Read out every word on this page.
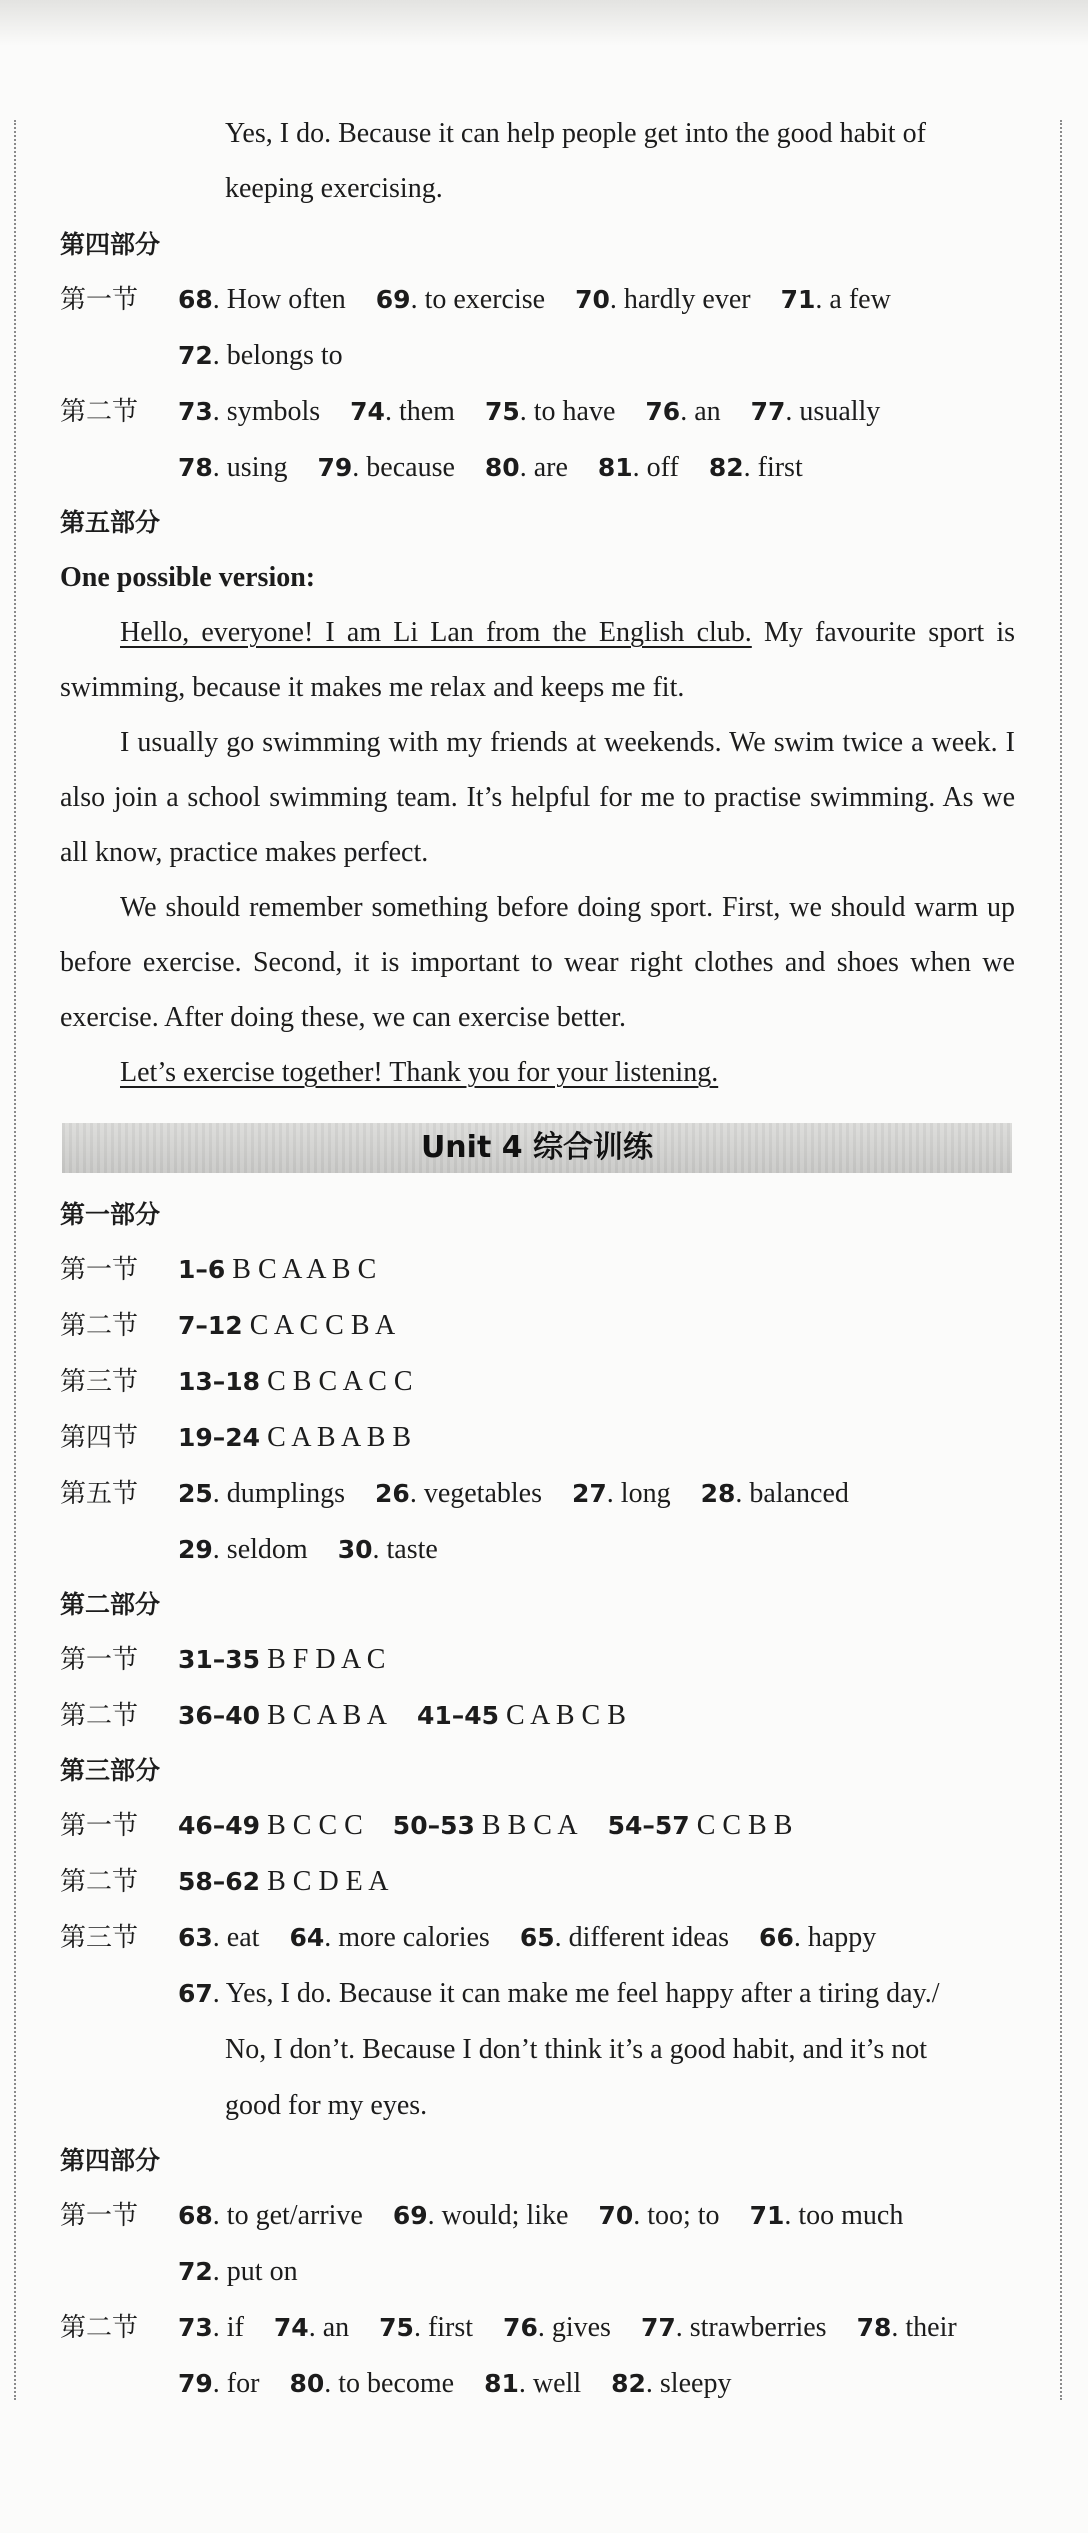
Yes, I do. Because it can help people get into the good habit of
keeping exercising.
第四部分
第一节 68. How often 69. to exercise 70. hardly ever 71. a few
72. belongs to
第二节 73. symbols 74. them 75. to have 76. an 77. usually
78. using 79. because 80. are 81. off 82. first
第五部分
One possible version:
Hello, everyone! I am Li Lan from the English club. My favourite sport is swimming, because it makes me relax and keeps me fit.
I usually go swimming with my friends at weekends. We swim twice a week. I also join a school swimming team. It’s helpful for me to practise swimming. As we all know, practice makes perfect.
We should remember something before doing sport. First, we should warm up before exercise. Second, it is important to wear right clothes and shoes when we exercise. After doing these, we can exercise better.
Let’s exercise together! Thank you for your listening.
Unit 4 综合训练
第一部分
第一节 1–6 B C A A B C
第二节 7–12 C A C C B A
第三节 13–18 C B C A C C
第四节 19–24 C A B A B B
第五节 25. dumplings 26. vegetables 27. long 28. balanced
29. seldom 30. taste
第二部分
第一节 31–35 B F D A C
第二节 36–40 B C A B A 41–45 C A B C B
第三部分
第一节 46–49 B C C C 50–53 B B C A 54–57 C C B B
第二节 58–62 B C D E A
第三节 63. eat 64. more calories 65. different ideas 66. happy
67. Yes, I do. Because it can make me feel happy after a tiring day./
No, I don’t. Because I don’t think it’s a good habit, and it’s not
good for my eyes.
第四部分
第一节 68. to get/arrive 69. would; like 70. too; to 71. too much
72. put on
第二节 73. if 74. an 75. first 76. gives 77. strawberries 78. their
79. for 80. to become 81. well 82. sleepy
